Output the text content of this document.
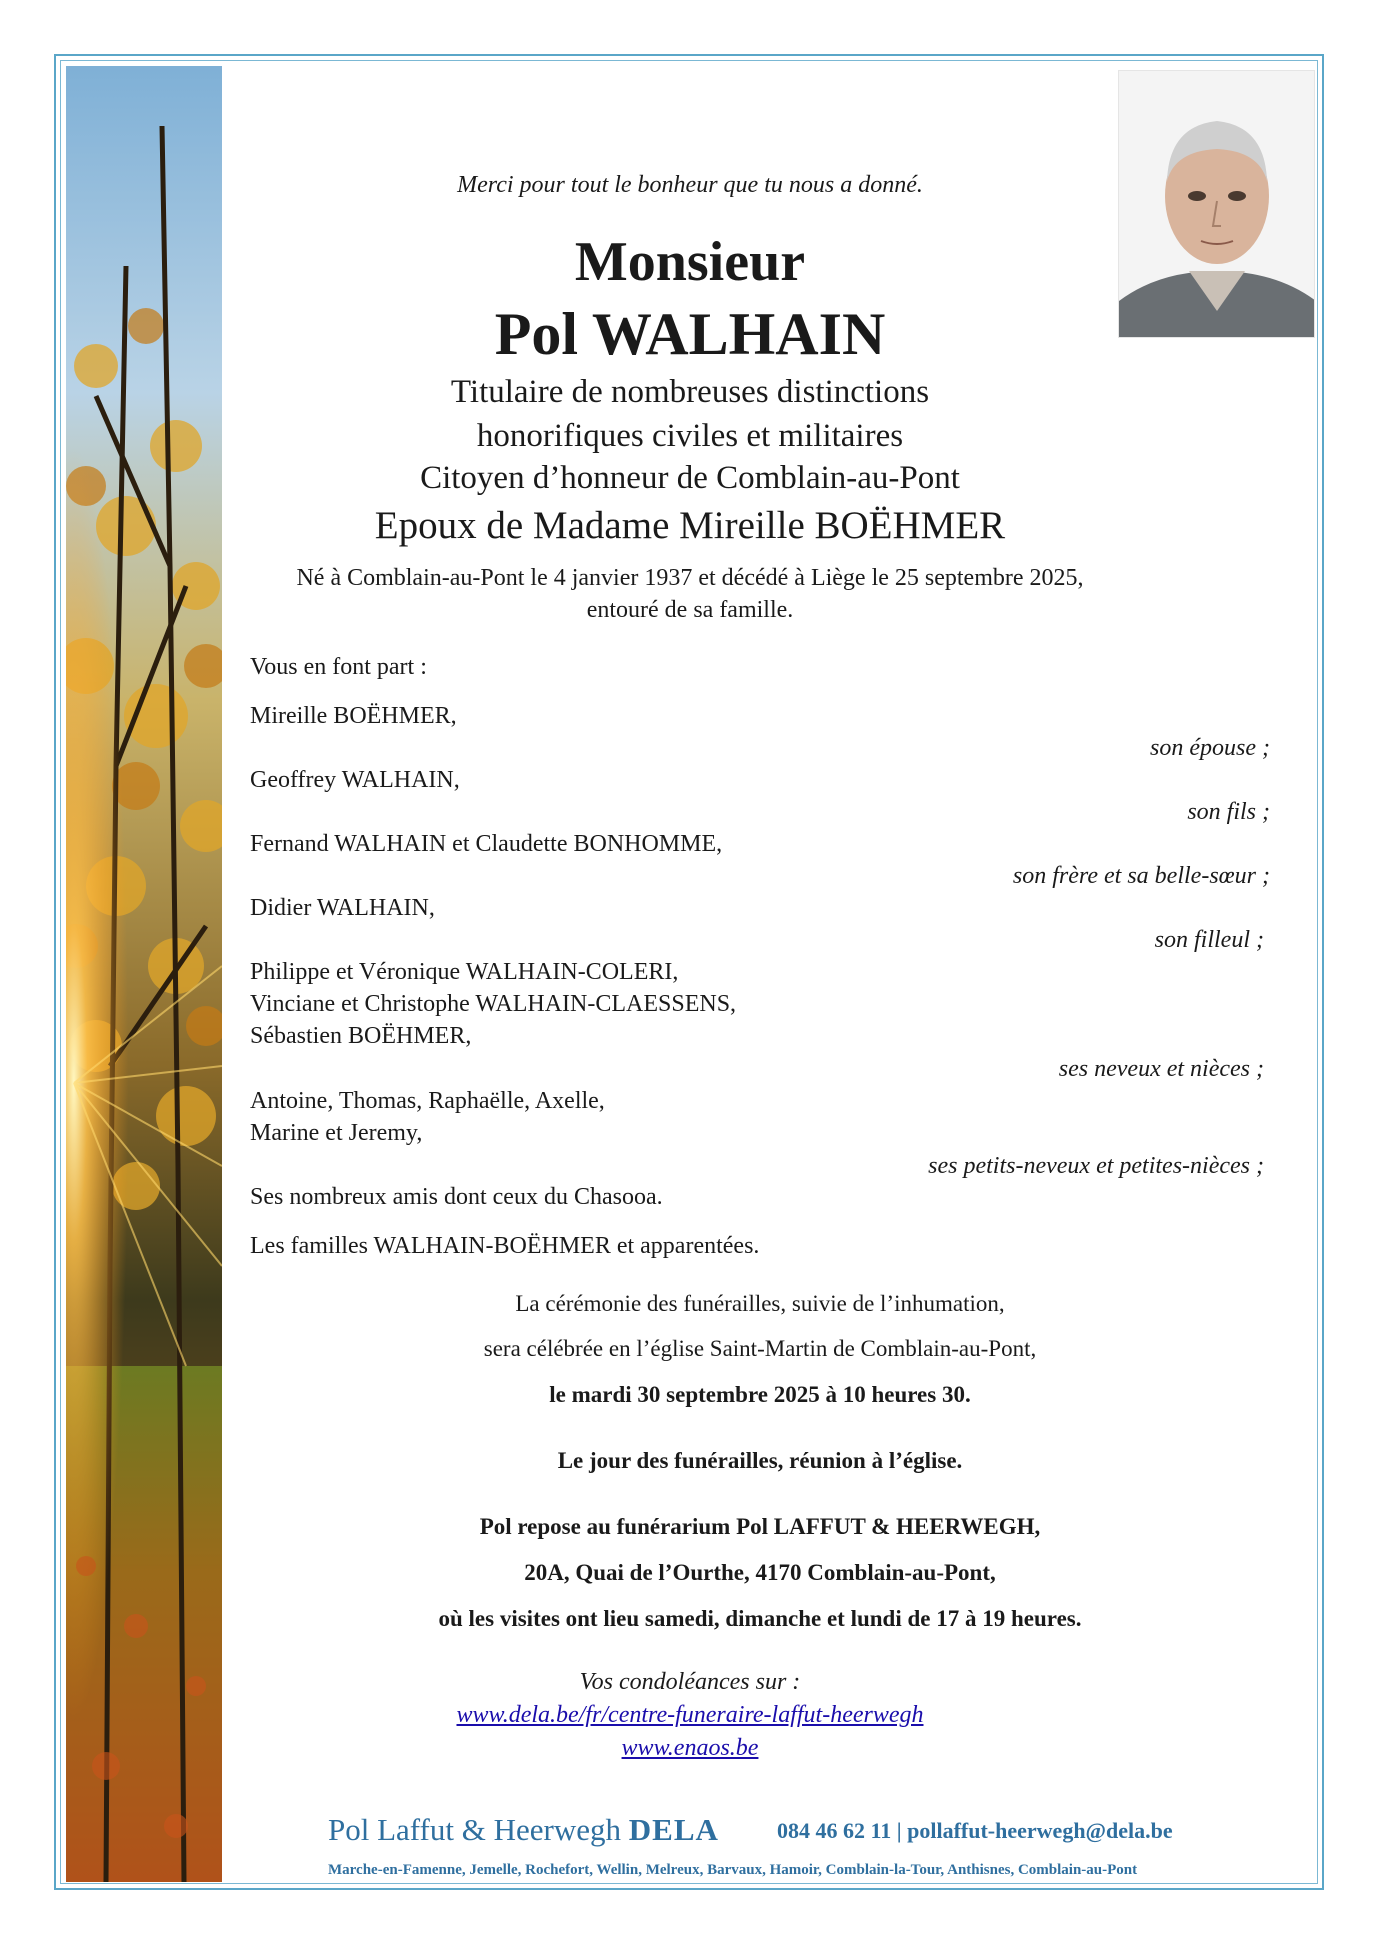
Merci pour tout le bonheur que tu nous a donné.
Monsieur
Pol WALHAIN
Titulaire de nombreuses distinctions
honorifiques civiles et militaires
Citoyen d’honneur de Comblain-au-Pont
Epoux de Madame Mireille BOËHMER
Né à Comblain-au-Pont le 4 janvier 1937 et décédé à Liège le 25 septembre 2025,
entouré de sa famille.
Vous en font part :
Mireille BOËHMER,
son épouse ;
Geoffrey WALHAIN,
son fils ;
Fernand WALHAIN et Claudette BONHOMME,
son frère et sa belle-sœur ;
Didier WALHAIN,
son filleul ;
Philippe et Véronique WALHAIN-COLERI,
Vinciane et Christophe WALHAIN-CLAESSENS,
Sébastien BOËHMER,
ses neveux et nièces ;
Antoine, Thomas, Raphaëlle, Axelle,
Marine et Jeremy,
ses petits-neveux et petites-nièces ;
Ses nombreux amis dont ceux du Chasooa.
Les familles WALHAIN-BOËHMER et apparentées.
La cérémonie des funérailles, suivie de l’inhumation,
sera célébrée en l’église Saint-Martin de Comblain-au-Pont,
le mardi 30 septembre 2025 à 10 heures 30.
Le jour des funérailles, réunion à l’église.
Pol repose au funérarium Pol LAFFUT & HEERWEGH,
20A, Quai de l’Ourthe, 4170 Comblain-au-Pont,
où les visites ont lieu samedi, dimanche et lundi de 17 à 19 heures.
Vos condoléances sur :
www.dela.be/fr/centre-funeraire-laffut-heerwegh
www.enaos.be
Pol Laffut & Heerwegh DELA	084 46 62 11 | pollaffut-heerwegh@dela.be
Marche-en-Famenne, Jemelle, Rochefort, Wellin, Melreux, Barvaux, Hamoir, Comblain-la-Tour, Anthisnes, Comblain-au-Pont
